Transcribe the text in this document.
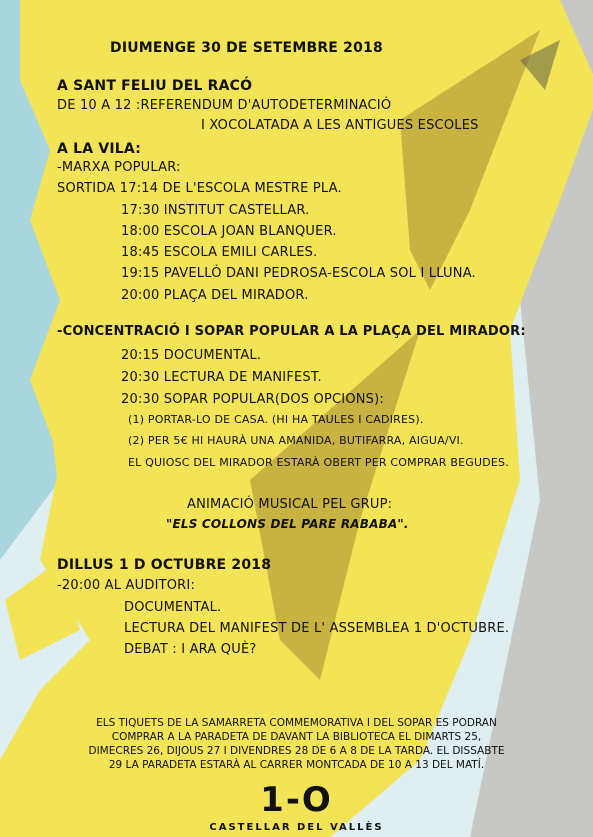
DIUMENGE 30 DE SETEMBRE 2018
A SANT FELIU DEL RACÓ
DE 10 A 12 :REFERENDUM D'AUTODETERMINACIÓ
I XOCOLATADA A LES ANTIGUES ESCOLES
A LA VILA:
-MARXA POPULAR:
SORTIDA 17:14 DE L'ESCOLA MESTRE PLA.
17:30 INSTITUT CASTELLAR.
18:00 ESCOLA JOAN BLANQUER.
18:45 ESCOLA EMILI CARLES.
19:15 PAVELLÓ DANI PEDROSA-ESCOLA SOL I LLUNA.
20:00 PLAÇA DEL MIRADOR.
-CONCENTRACIÓ I SOPAR POPULAR A LA PLAÇA DEL MIRADOR:
20:15 DOCUMENTAL.
20:30 LECTURA DE MANIFEST.
20:30 SOPAR POPULAR(DOS OPCIONS):
(1) PORTAR-LO DE CASA. (HI HA TAULES I CADIRES).
(2) PER 5€ HI HAURÀ UNA AMANIDA, BUTIFARRA, AIGUA/VI.
EL QUIOSC DEL MIRADOR ESTARÀ OBERT PER COMPRAR BEGUDES.
ANIMACIÓ MUSICAL PEL GRUP:
"ELS COLLONS DEL PARE RABABA".
DILLUS 1 D OCTUBRE 2018
-20:00 AL AUDITORI:
DOCUMENTAL.
LECTURA DEL MANIFEST DE L' ASSEMBLEA 1 D'OCTUBRE.
DEBAT : I ARA QUÈ?
ELS TIQUETS DE LA SAMARRETA COMMEMORATIVA I DEL SOPAR ES PODRAN
COMPRAR A LA PARADETA DE DAVANT LA BIBLIOTECA EL DIMARTS 25,
DIMECRES 26, DIJOUS 27 I DIVENDRES 28 DE 6 A 8 DE LA TARDA. EL DISSABTE
29 LA PARADETA ESTARÀ AL CARRER MONTCADA DE 10 A 13 DEL MATÍ.
1-O
CASTELLAR DEL VALLÈS
